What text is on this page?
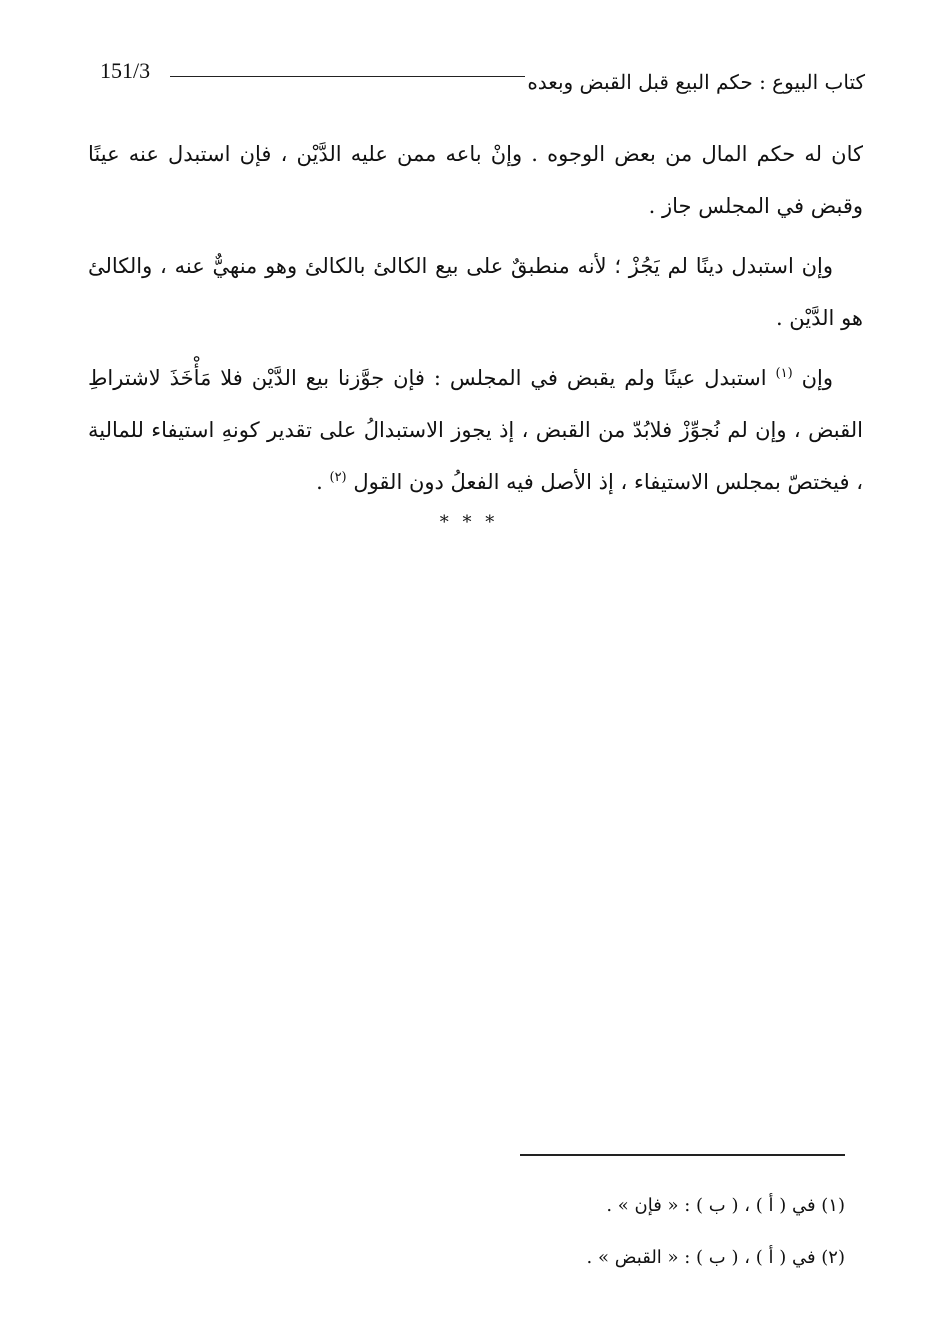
151/3	كتاب البيوع : حكم البيع قبل القبض وبعده

كان له حكم المال من بعض الوجوه . وإنْ باعه ممن عليه الدَّيْن ، فإن استبدل عنه عينًا وقبض في المجلس جاز .

وإن استبدل دينًا لم يَجُزْ ؛ لأنه منطبقٌ على بيع الكالئ بالكالئ وهو منهيٌّ عنه ، والكالئ هو الدَّيْن .

وإن $^{(١)}$ استبدل عينًا ولم يقبض في المجلس : فإن جوَّزنا بيع الدَّيْن فلا مَأْخَذَ لاشتراطِ القبض ، وإن لم نُجوِّزْ فلابُدّ من القبض ، إذ يجوز الاستبدالُ على تقدير كونهِ استيفاء للمالية ، فيختصّ بمجلس الاستيفاء ، إذ الأصل فيه الفعلُ دون القول $^{(٢)}$ .

* * *

(١) في ( أ ) ، ( ب ) : « فإن » .

(٢) في ( أ ) ، ( ب ) : « القبض » .
